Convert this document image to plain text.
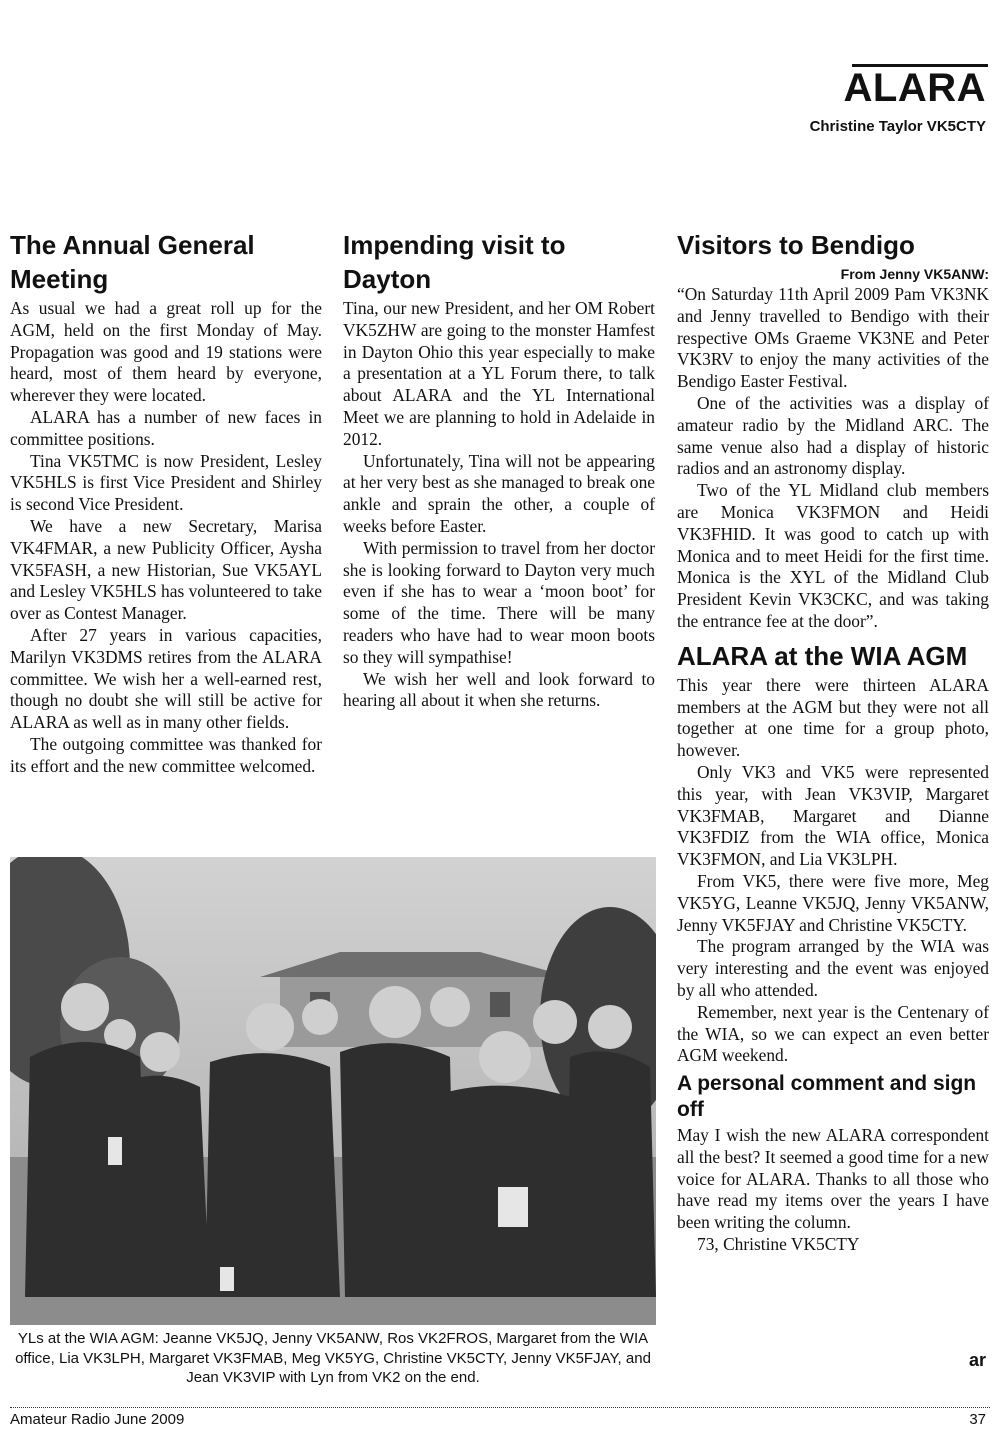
ALARA
Christine Taylor VK5CTY
The Annual General Meeting

As usual we had a great roll up for the AGM, held on the first Monday of May. Propagation was good and 19 stations were heard, most of them heard by everyone, wherever they were located.

ALARA has a number of new faces in committee positions.

Tina VK5TMC is now President, Lesley VK5HLS is first Vice President and Shirley is second Vice President.

We have a new Secretary, Marisa VK4FMAR, a new Publicity Officer, Aysha VK5FASH, a new Historian, Sue VK5AYL and Lesley VK5HLS has volunteered to take over as Contest Manager.

After 27 years in various capacities, Marilyn VK3DMS retires from the ALARA committee. We wish her a well-earned rest, though no doubt she will still be active for ALARA as well as in many other fields.

The outgoing committee was thanked for its effort and the new committee welcomed.

Impending visit to Dayton

Tina, our new President, and her OM Robert VK5ZHW are going to the monster Hamfest in Dayton Ohio this year especially to make a presentation at a YL Forum there, to talk about ALARA and the YL International Meet we are planning to hold in Adelaide in 2012.

Unfortunately, Tina will not be appearing at her very best as she managed to break one ankle and sprain the other, a couple of weeks before Easter.

With permission to travel from her doctor she is looking forward to Dayton very much even if she has to wear a ‘moon boot’ for some of the time. There will be many readers who have had to wear moon boots so they will sympathise!

We wish her well and look forward to hearing all about it when she returns.

Visitors to Bendigo
From Jenny VK5ANW:

“On Saturday 11th April 2009 Pam VK3NK and Jenny travelled to Bendigo with their respective OMs Graeme VK3NE and Peter VK3RV to enjoy the many activities of the Bendigo Easter Festival.

One of the activities was a display of amateur radio by the Midland ARC. The same venue also had a display of historic radios and an astronomy display.

Two of the YL Midland club members are Monica VK3FMON and Heidi VK3FHID. It was good to catch up with Monica and to meet Heidi for the first time. Monica is the XYL of the Midland Club President Kevin VK3CKC, and was taking the entrance fee at the door”.

ALARA at the WIA AGM

This year there were thirteen ALARA members at the AGM but they were not all together at one time for a group photo, however.

Only VK3 and VK5 were represented this year, with Jean VK3VIP, Margaret VK3FMAB, Margaret and Dianne VK3FDIZ from the WIA office, Monica VK3FMON, and Lia VK3LPH.

From VK5, there were five more, Meg VK5YG, Leanne VK5JQ, Jenny VK5ANW, Jenny VK5FJAY and Christine VK5CTY.

The program arranged by the WIA was very interesting and the event was enjoyed by all who attended.

Remember, next year is the Centenary of the WIA, so we can expect an even better AGM weekend.

A personal comment and sign off

May I wish the new ALARA correspondent all the best? It seemed a good time for a new voice for ALARA. Thanks to all those who have read my items over the years I have been writing the column.

73, Christine VK5CTY

YLs at the WIA AGM: Jeanne VK5JQ, Jenny VK5ANW, Ros VK2FROS, Margaret from the WIA office, Lia VK3LPH, Margaret VK3FMAB, Meg VK5YG, Christine VK5CTY, Jenny VK5FJAY, and Jean VK3VIP with Lyn from VK2 on the end.
ar
Amateur Radio June 2009	37
